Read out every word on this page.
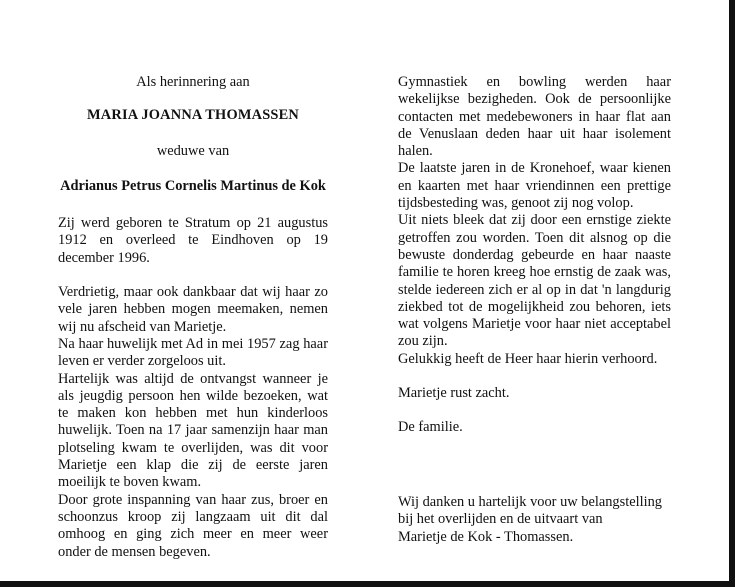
Als herinnering aan

MARIA JOANNA THOMASSEN

weduwe van

Adrianus Petrus Cornelis Martinus de Kok

Zij werd geboren te Stratum op 21 augustus 1912 en overleed te Eindhoven op 19 december 1996.

Verdrietig, maar ook dankbaar dat wij haar zo vele jaren hebben mogen meemaken, nemen wij nu afscheid van Marietje.

Na haar huwelijk met Ad in mei 1957 zag haar leven er verder zorgeloos uit.

Hartelijk was altijd de ontvangst wanneer je als jeugdig persoon hen wilde bezoeken, wat te maken kon hebben met hun kinderloos huwelijk. Toen na 17 jaar samenzijn haar man plotseling kwam te overlijden, was dit voor Marietje een klap die zij de eerste jaren moeilijk te boven kwam.

Door grote inspanning van haar zus, broer en schoonzus kroop zij langzaam uit dit dal omhoog en ging zich meer en meer weer onder de mensen begeven.

Gymnastiek en bowling werden haar wekelijkse bezigheden. Ook de persoonlijke contacten met medebewoners in haar flat aan de Venuslaan deden haar uit haar isolement halen.

De laatste jaren in de Kronehoef, waar kienen en kaarten met haar vriendinnen een prettige tijdsbesteding was, genoot zij nog volop.

Uit niets bleek dat zij door een ernstige ziekte getroffen zou worden. Toen dit alsnog op die bewuste donderdag gebeurde en haar naaste familie te horen kreeg hoe ernstig de zaak was, stelde iedereen zich er al op in dat 'n langdurig ziekbed tot de mogelijkheid zou behoren, iets wat volgens Marietje voor haar niet acceptabel zou zijn.

Gelukkig heeft de Heer haar hierin verhoord.

Marietje rust zacht.

De familie.

Wij danken u hartelijk voor uw belangstelling

bij het overlijden en de uitvaart van

Marietje de Kok - Thomassen.
